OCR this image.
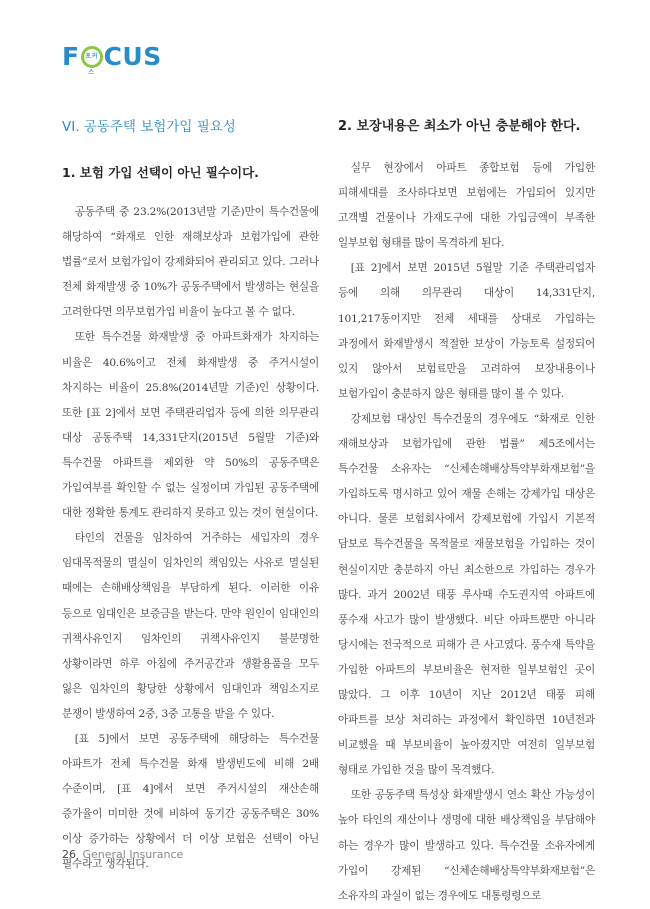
F 포커스
CUS
VI. 공동주택 보험가입 필요성
1. 보험 가입 선택이 아닌 필수이다.

공동주택 중 23.2%(2013년말 기준)만이 특수건물에 해당하여 “화재로 인한 재해보상과 보험가입에 관한 법률”로서 보험가입이 강제화되어 관리되고 있다. 그러나 전체 화재발생 중 10%가 공동주택에서 발생하는 현실을 고려한다면 의무보험가입 비율이 높다고 볼 수 없다.

또한 특수건물 화재발생 중 아파트화재가 차지하는 비율은 40.6%이고 전체 화재발생 중 주거시설이 차지하는 비율이 25.8%(2014년말 기준)인 상황이다. 또한 [표 2]에서 보면 주택관리업자 등에 의한 의무관리 대상 공동주택 14,331단지(2015년 5월말 기준)와 특수건물 아파트를 제외한 약 50%의 공동주택은 가입여부를 확인할 수 없는 실정이며 가입된 공동주택에 대한 정확한 통계도 관리하지 못하고 있는 것이 현실이다.

타인의 건물을 임차하여 거주하는 세입자의 경우 임대목적물의 멸실이 임차인의 책임있는 사유로 멸실된 때에는 손해배상책임을 부담하게 된다. 이러한 이유 등으로 임대인은 보증금을 받는다. 만약 원인이 임대인의 귀책사유인지 임차인의 귀책사유인지 불분명한 상황이라면 하루 아침에 주거공간과 생활용품을 모두 잃은 임차인의 황당한 상황에서 임대인과 책임소지로 분쟁이 발생하여 2중, 3중 고통을 받을 수 있다.

[표 5]에서 보면 공동주택에 해당하는 특수건물 아파트가 전체 특수건물 화재 발생빈도에 비해 2배 수준이며, [표 4]에서 보면 주거시설의 재산손해 증가율이 미미한 것에 비하여 동기간 공동주택은 30%이상 증가하는 상황에서 더 이상 보험은 선택이 아닌 필수라고 생각된다.

2. 보장내용은 최소가 아닌 충분해야 한다.

실무 현장에서 아파트 종합보험 등에 가입한 피해세대를 조사하다보면 보험에는 가입되어 있지만 고객별 건물이나 가재도구에 대한 가입금액이 부족한 일부보험 형태를 많이 목격하게 된다.

[표 2]에서 보면 2015년 5월말 기준 주택관리업자 등에 의해 의무관리 대상이 14,331단지, 101,217동이지만 전체 세대를 상대로 가입하는 과정에서 화재발생시 적절한 보상이 가능토록 설정되어 있지 않아서 보험료만을 고려하여 보장내용이나 보험가입이 충분하지 않은 형태를 많이 볼 수 있다.

강제보험 대상인 특수건물의 경우에도 “화재로 인한 재해보상과 보험가입에 관한 법률” 제5조에서는 특수건물 소유자는 “신체손해배상특약부화재보험”을 가입하도록 명시하고 있어 재물 손해는 강제가입 대상은 아니다. 물론 보험회사에서 강제보험에 가입시 기본적 담보로 특수건물을 목적물로 재물보험을 가입하는 것이 현실이지만 충분하지 아닌 최소한으로 가입하는 경우가 많다. 과거 2002년 태풍 루사때 수도권지역 아파트에 풍수재 사고가 많이 발생했다. 비단 아파트뿐만 아니라 당시에는 전국적으로 피해가 큰 사고였다. 풍수재 특약을 가입한 아파트의 부보비율은 현저한 일부보험인 곳이 많았다. 그 이후 10년이 지난 2012년 태풍 피해 아파트를 보상 처리하는 과정에서 확인하면 10년전과 비교했을 때 부보비율이 높아졌지만 여전히 일부보험 형태로 가입한 것을 많이 목격했다.

또한 공동주택 특성상 화재발생시 연소 확산 가능성이 높아 타인의 재산이나 생명에 대한 배상책임을 부담해야 하는 경우가 많이 발생하고 있다. 특수건물 소유자에게 가입이 강제된 “신체손해배상특약부화재보험”은 소유자의 과실이 없는 경우에도 대통령령으로

26 General Insurance
